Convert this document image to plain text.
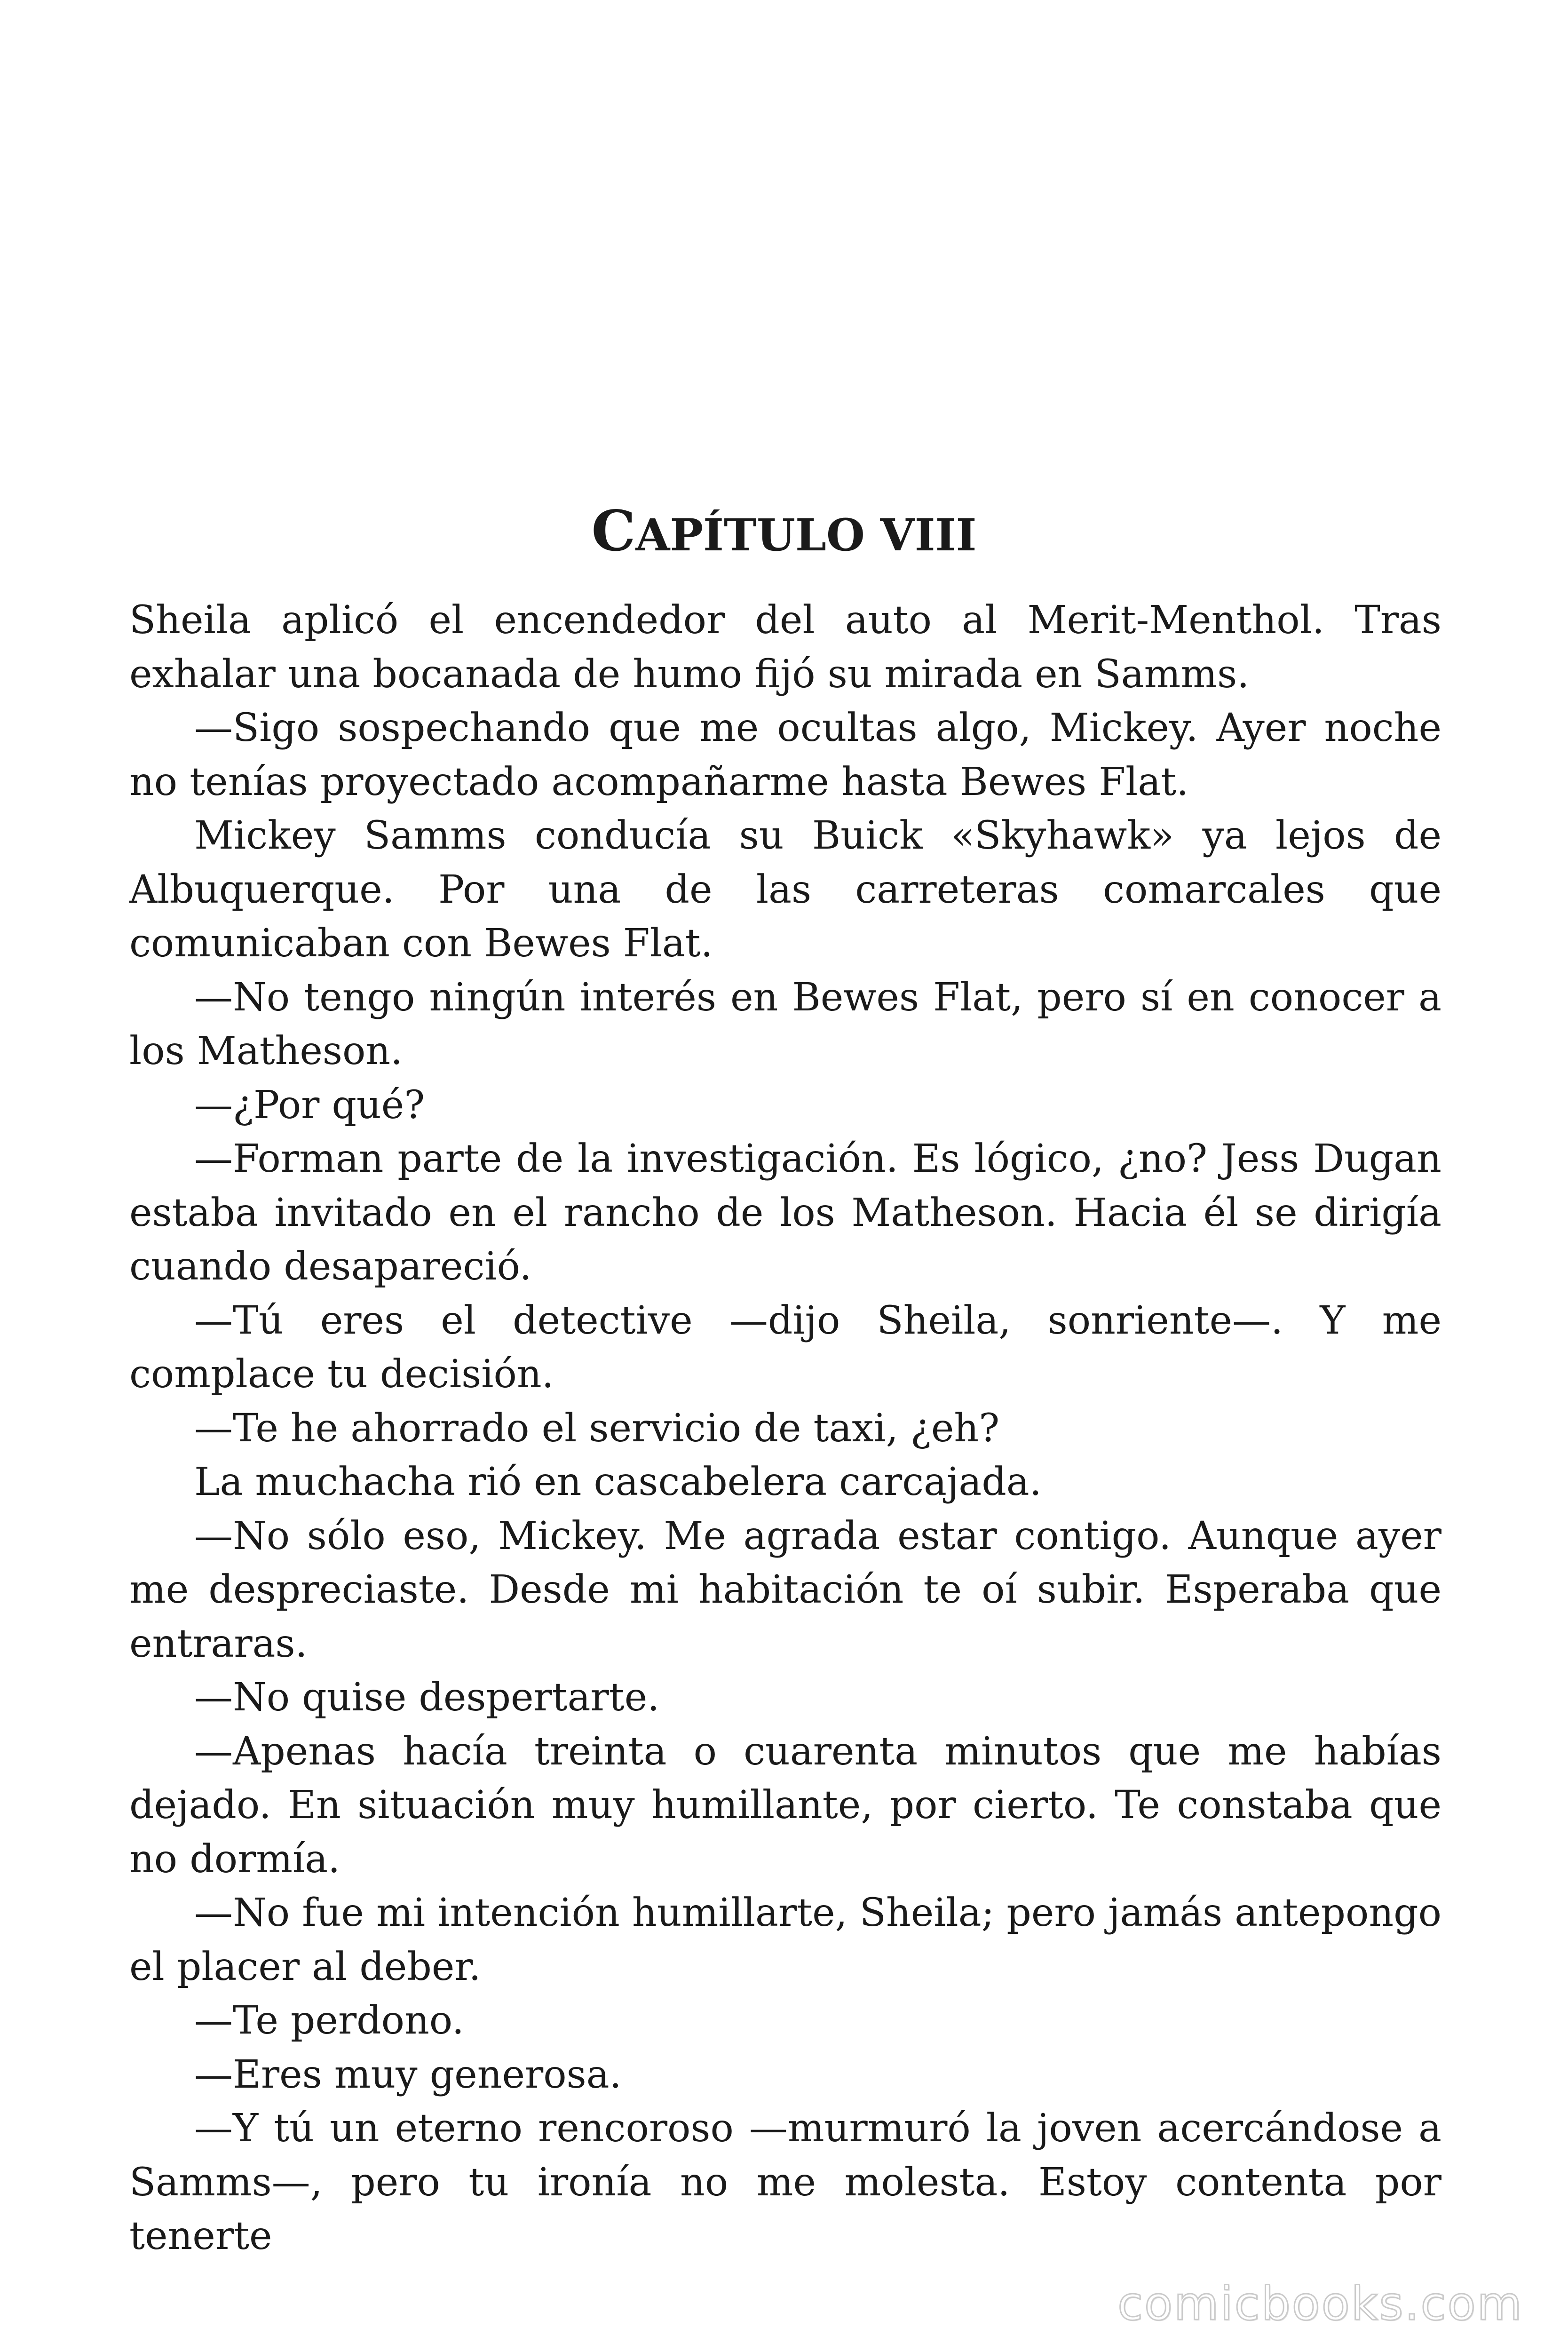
CAPÍTULO VIII

Sheila aplicó el encendedor del auto al Merit-Menthol. Tras exhalar una bocanada de humo fijó su mirada en Samms.

—Sigo sospechando que me ocultas algo, Mickey. Ayer noche no tenías proyectado acompañarme hasta Bewes Flat.

Mickey Samms conducía su Buick «Skyhawk» ya lejos de Albuquerque. Por una de las carreteras comarcales que comunicaban con Bewes Flat.

—No tengo ningún interés en Bewes Flat, pero sí en conocer a los Matheson.

—¿Por qué?

—Forman parte de la investigación. Es lógico, ¿no? Jess Dugan estaba invitado en el rancho de los Matheson. Hacia él se dirigía cuando desapareció.

—Tú eres el detective —dijo Sheila, sonriente—. Y me complace tu decisión.

—Te he ahorrado el servicio de taxi, ¿eh?

La muchacha rió en cascabelera carcajada.

—No sólo eso, Mickey. Me agrada estar contigo. Aunque ayer me despreciaste. Desde mi habitación te oí subir. Esperaba que entraras.

—No quise despertarte.

—Apenas hacía treinta o cuarenta minutos que me habías dejado. En situación muy humillante, por cierto. Te constaba que no dormía.

—No fue mi intención humillarte, Sheila; pero jamás antepongo el placer al deber.

—Te perdono.

—Eres muy generosa.

—Y tú un eterno rencoroso —murmuró la joven acercándose a Samms—, pero tu ironía no me molesta. Estoy contenta por tenerte

comicbooks.com
